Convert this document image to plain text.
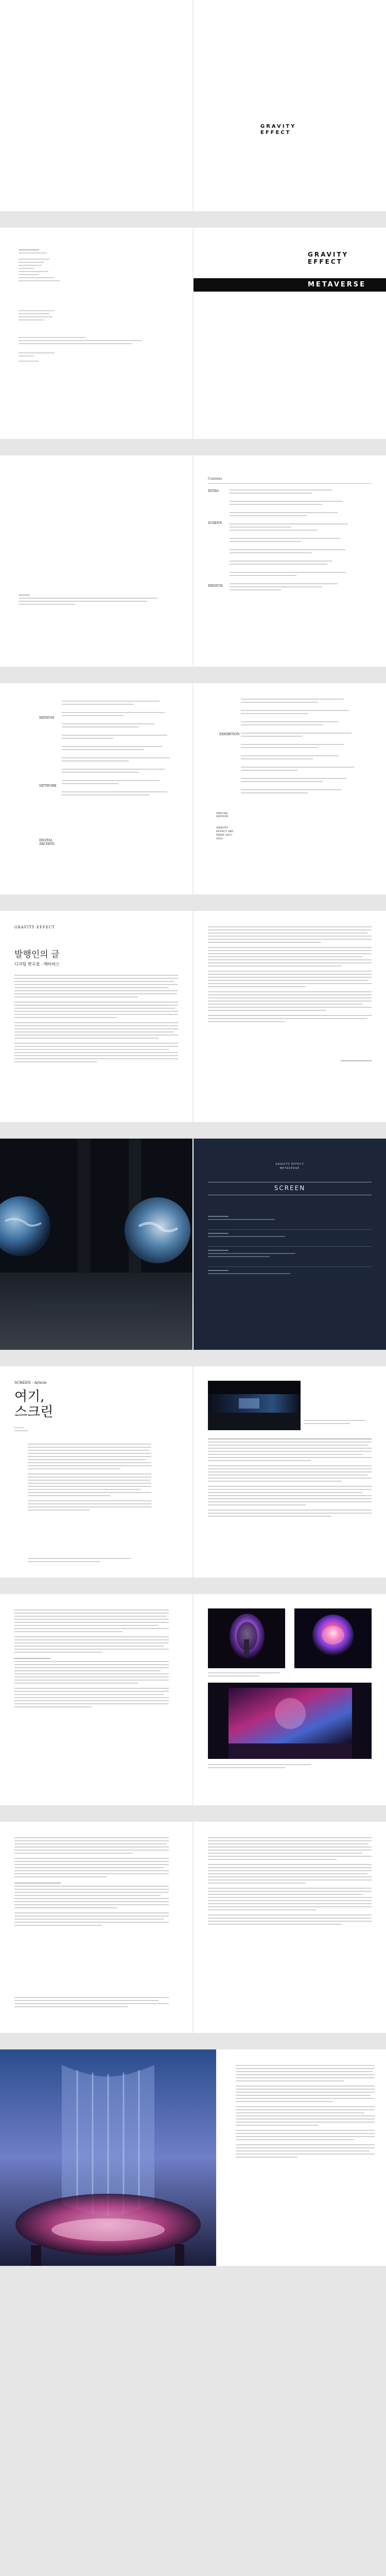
GRAVITY
EFFECT
GRAVITY
EFFECT
METAVERSE
Contents
INTRO
SCREEN
MEDIUM
MEDIUM
NETWORK
DIGITAL ARCHIVE
EXHIBITION
SPECIAL EDITION
GRAVITY EFFECT ART PRIZE 2021-2022
GRAVITY EFFECT
발행인의 글
디지털 변곡점 - 메타버스
GRAVITY EFFECT
METAVERSE
SCREEN
SCREEN - Article
여기,
스크린
